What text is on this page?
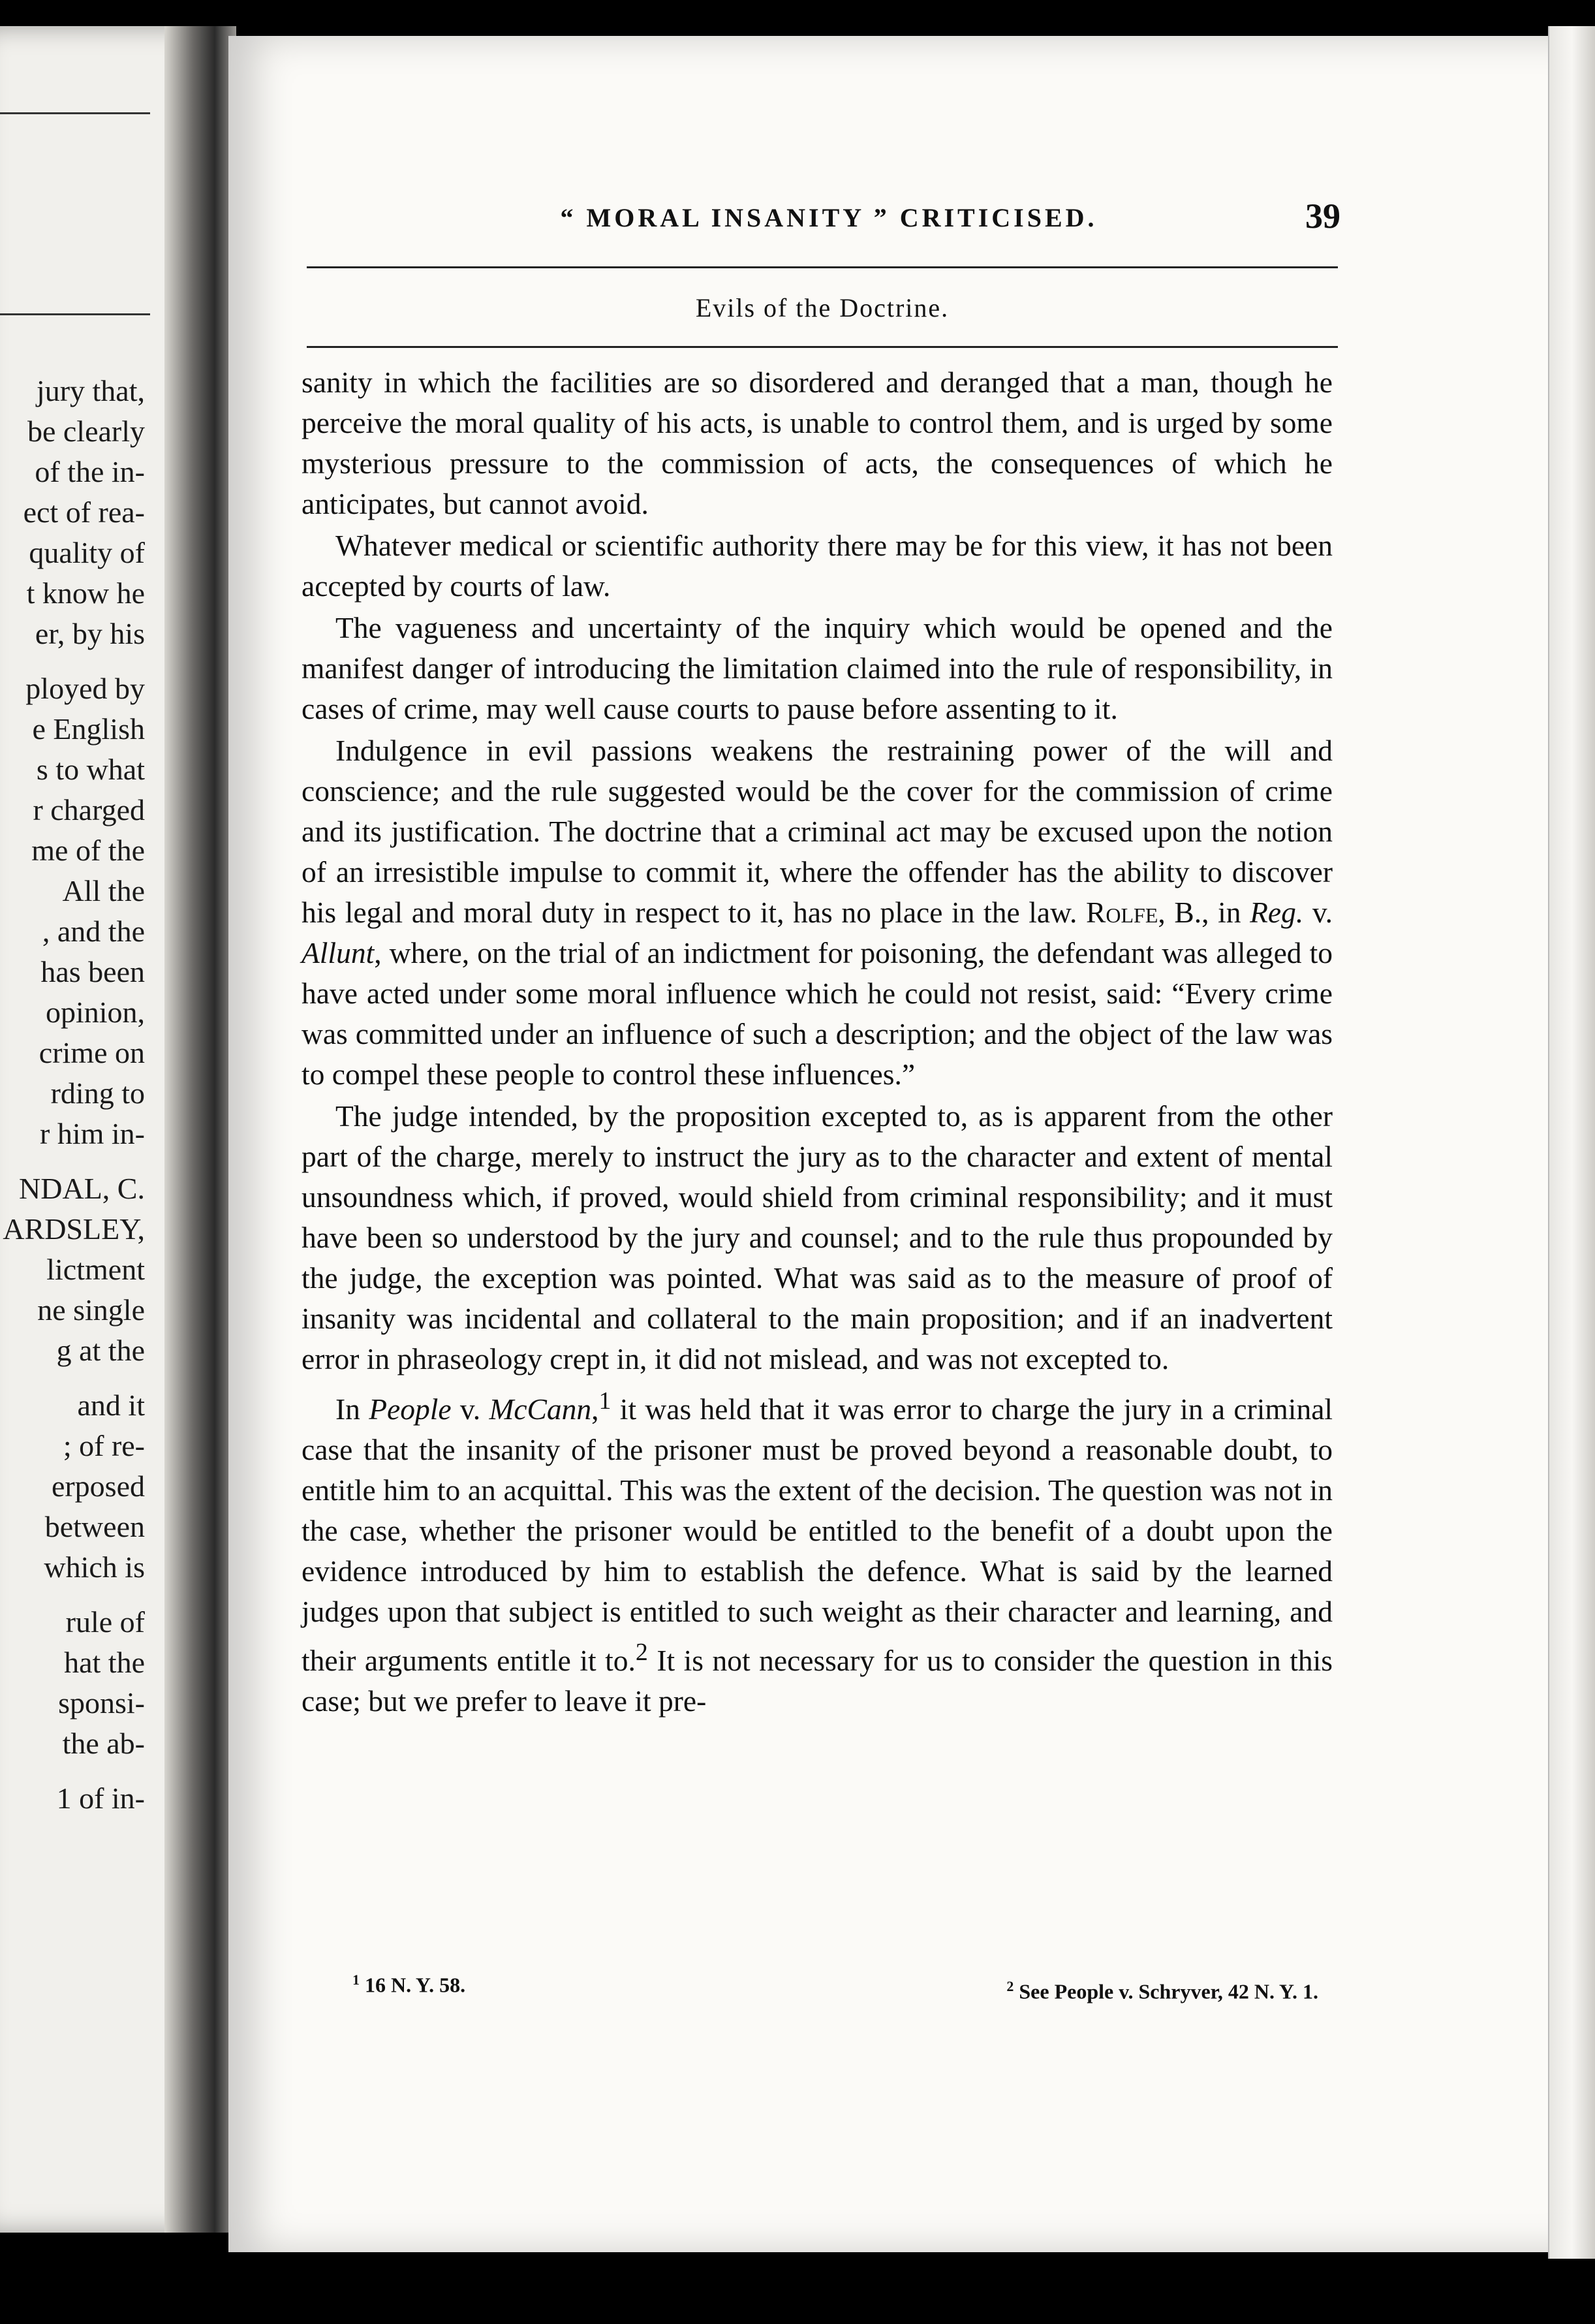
jury that,
be clearly
of the in-
ect of rea-
quality of
t know he
er, by his
ployed by
e English
s to what
r charged
me of the
All the
, and the
has been
opinion,
crime on
rding to
r him in-
NDAL, C.
ARDSLEY,
lictment
ne single
g at the
and it
; of re-
erposed
between
which is
rule of
hat the
sponsi-
the ab-
1 of in-
“ MORAL INSANITY ” CRITICISED.	39
Evils of the Doctrine.

sanity in which the facilities are so disordered and deranged that a man, though he perceive the moral quality of his acts, is unable to control them, and is urged by some mysterious pressure to the commission of acts, the consequences of which he anticipates, but cannot avoid.

Whatever medical or scientific authority there may be for this view, it has not been accepted by courts of law.

The vagueness and uncertainty of the inquiry which would be opened and the manifest danger of introducing the limitation claimed into the rule of responsibility, in cases of crime, may well cause courts to pause before assenting to it.

Indulgence in evil passions weakens the restraining power of the will and conscience; and the rule suggested would be the cover for the commission of crime and its justification. The doctrine that a criminal act may be excused upon the notion of an irresistible impulse to commit it, where the offender has the ability to discover his legal and moral duty in respect to it, has no place in the law. Rolfe, B., in Reg. v. Allunt, where, on the trial of an indictment for poisoning, the defendant was alleged to have acted under some moral influence which he could not resist, said: “Every crime was committed under an influence of such a description; and the object of the law was to compel these people to control these influences.”

The judge intended, by the proposition excepted to, as is apparent from the other part of the charge, merely to instruct the jury as to the character and extent of mental unsoundness which, if proved, would shield from criminal responsibility; and it must have been so understood by the jury and counsel; and to the rule thus propounded by the judge, the exception was pointed. What was said as to the measure of proof of insanity was incidental and collateral to the main proposition; and if an inadvertent error in phraseology crept in, it did not mislead, and was not excepted to.

In People v. McCann,$^1$ it was held that it was error to charge the jury in a criminal case that the insanity of the prisoner must be proved beyond a reasonable doubt, to entitle him to an acquittal. This was the extent of the decision. The question was not in the case, whether the prisoner would be entitled to the benefit of a doubt upon the evidence introduced by him to establish the defence. What is said by the learned judges upon that subject is entitled to such weight as their character and learning, and their arguments entitle it to.$^2$ It is not necessary for us to consider the question in this case; but we prefer to leave it pre-

$^1$ 16 N. Y. 58.	$^2$ See People v. Schryver, 42 N. Y. 1.
